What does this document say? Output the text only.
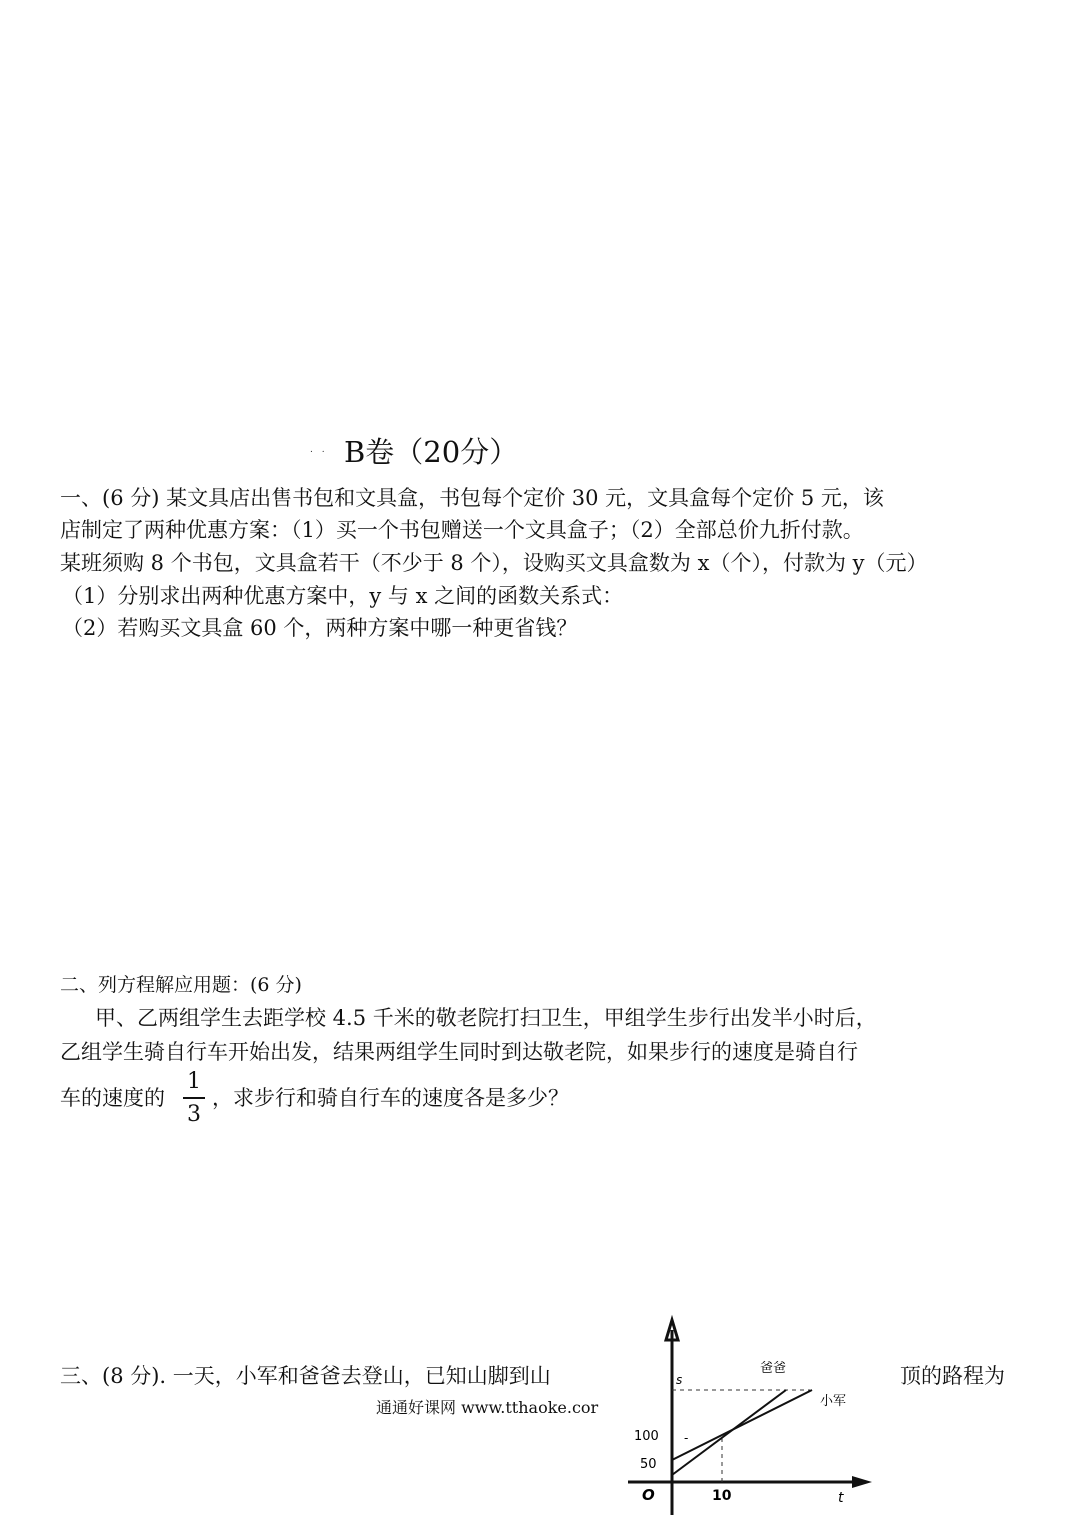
. . B卷（20分）
一、(6 分) 某文具店出售书包和文具盒，书包每个定价 30 元，文具盒每个定价 5 元，该
店制定了两种优惠方案：（1）买一个书包赠送一个文具盒子；（2）全部总价九折付款。
某班须购 8 个书包，文具盒若干（不少于 8 个），设购买文具盒数为 x（个），付款为 y（元）
（1）分别求出两种优惠方案中，y 与 x 之间的函数关系式：
（2）若购买文具盒 60 个，两种方案中哪一种更省钱？
二、列方程解应用题：(6 分)
甲、乙两组学生去距学校 4.5 千米的敬老院打扫卫生，甲组学生步行出发半小时后，
乙组学生骑自行车开始出发，结果两组学生同时到达敬老院，如果步行的速度是骑自行
车的速度的
1
3
，求步行和骑自行车的速度各是多少？
三、(8 分). 一天，小军和爸爸去登山，已知山脚到山	顶的路程为
通通好课网 www.tthaoke.cor
s
爸爸
小军
100
50
O	10	t
-
